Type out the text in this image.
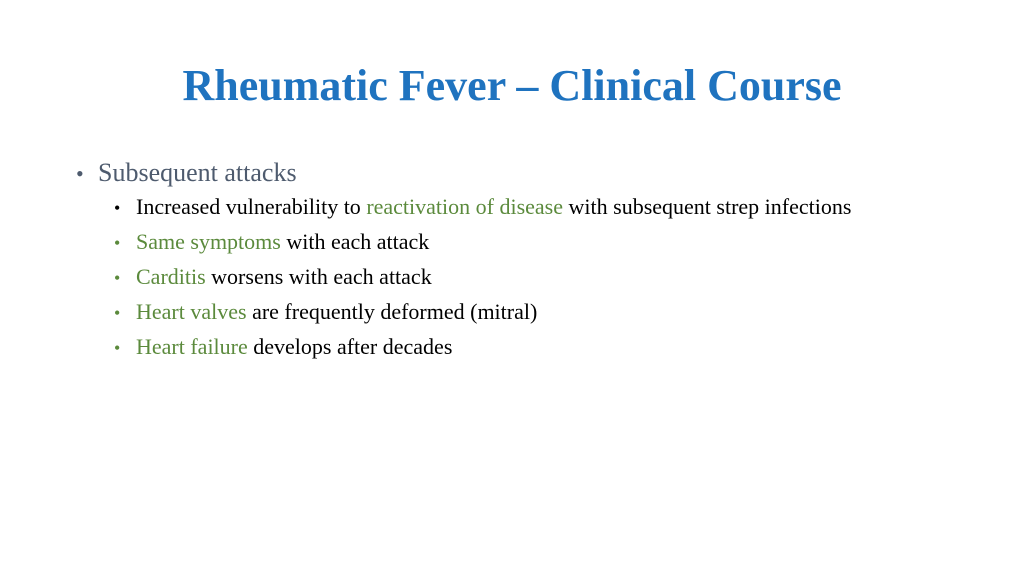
Rheumatic Fever – Clinical Course
• Subsequent attacks
• Increased vulnerability to reactivation of disease with subsequent strep infections
• Same symptoms with each attack
• Carditis worsens with each attack
• Heart valves are frequently deformed (mitral)
• Heart failure develops after decades
